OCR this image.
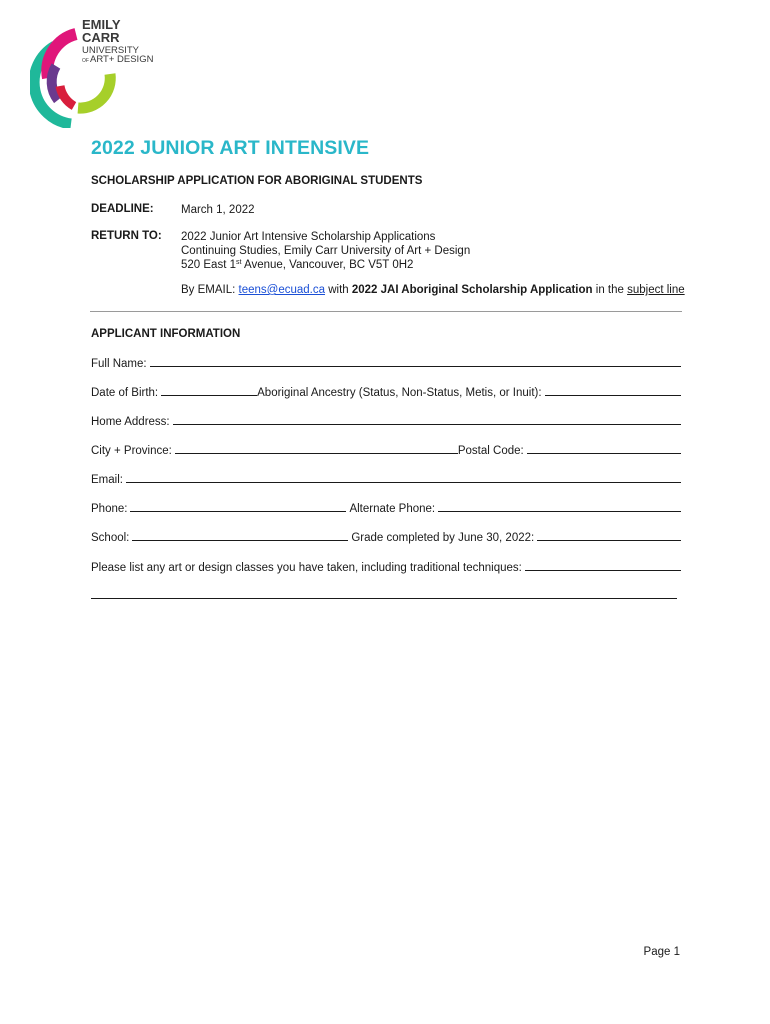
EMILY
CARR
UNIVERSITY
OF ART+ DESIGN
2022 JUNIOR ART INTENSIVE
SCHOLARSHIP APPLICATION FOR ABORIGINAL STUDENTS
DEADLINE: March 1, 2022
RETURN TO: 2022 Junior Art Intensive Scholarship Applications
Continuing Studies, Emily Carr University of Art + Design
520 East 1st Avenue, Vancouver, BC V5T 0H2
By EMAIL: teens@ecuad.ca with 2022 JAI Aboriginal Scholarship Application in the subject line
APPLICANT INFORMATION
Full Name:
Date of Birth:	Aboriginal Ancestry (Status, Non-Status, Metis, or Inuit):
Home Address:
City + Province:	Postal Code:
Email:
Phone:	Alternate Phone:
School:	Grade completed by June 30, 2022:
Please list any art or design classes you have taken, including traditional techniques:
Page 1
